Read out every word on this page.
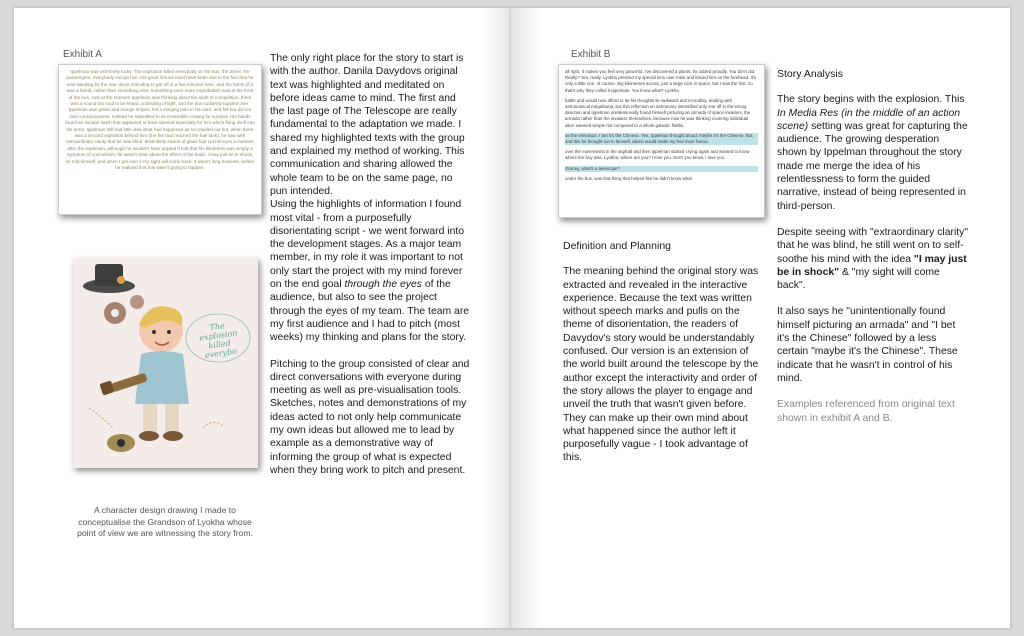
Exhibit A
Ippelman was extremely lucky. The explosion killed everybody on the bus, the driver, the passengers, everybody except him. His good fortune must have been due to the fact that he was standing by the rear doors intending to get off in a few minutes' time, and the bomb (if it was a bomb, rather than something else, something even more improbable) was at the front of the bus. Just at the moment Ippelman was thinking about the spirit of competition, there was a sound too loud to be heard, a blinding of light, and the bus suddenly toppled over. Ippelman saw green and orange stripes, felt a stinging pain in his ears, and fell but did not lose consciousness. Instead he submitted to an irresistible craving for survival. His hands found an escape hatch that appeared to have opened especially for him which flung itself into his arms. Ippelman still had little idea what had happened as he crawled out but, when there was a second explosion behind him (the fire had reached the fuel tank), he saw with extraordinary clarity that he was blind. Most likely slivers of glass had cut his eyes a moment after the explosion, although he wouldn't have argued if told that his blindness was simply a symptom of concussion; he wasn't clear about the effect of the brain. I may just be in shock, he told himself, and when I get over it my sight will come back. It wasn't long however, before he realized that this wasn't going to happen.
The explosion killed everybo
A character design drawing I made to conceptualise the Grandson of Lyokha whose point of view we are witnessing the story from.

The only right place for the story to start is with the author. Danila Davydovs original text was highlighted and meditated on before ideas came to mind. The first and the last page of The Telescope are really fundamental to the adaptation we made. I shared my highlighted texts with the group and explained my method of working. This communication and sharing allowed the whole team to be on the same page, no pun intended.

Using the highlights of information I found most vital - from a purposefully disorientating script - we went forward into the development stages. As a major team member, in my role it was important to not only start the project with my mind forever on the end goal through the eyes of the audience, but also to see the project through the eyes of my team. The team are my first audience and I had to pitch (most weeks) my thinking and plans for the story.

Pitching to the group consisted of clear and direct conversations with everyone during meeting as well as pre-visualisation tools. Sketches, notes and demonstrations of my ideas acted to not only help communicate my own ideas but allowed me to lead by example as a demonstrative way of informing the group of what is expected when they bring work to pitch and present.

Exhibit B

all right. It makes you feel very peaceful. I've discovered a planet, he added proudly. You don't did. Really? Yes, really. Lyokha pressed my special lens over mine and kissed him on the forehead. It's only a little one, of course. Big kilometres across, just a large rock in space, but I was the first, so that's why they called it Ippelman. You know what? Lyokha

battle and would now afford to let his thoughts lie awkward and incredibly, dealing with astronomical megafauna, but this reflection on astronomy intensified only one off in the wrong direction and Ippelman unintentionally found himself picturing an armada of space invaders, the armada rather than the invaders themselves, because now he was thinking covering individual alien seemed simple not compared to a whole galactic flotilla.

on the television. I bet it's the Chinese. Yes, Ippelman thought aloud, maybe it's the Chinese. But, and this he thought out to himself, aliens would make my feel more heroic.

over the movements in the asphalt and then Ippelman started crying again and wanted to know where the boy was. Lyokha, where are you? I love you. Don't you know, I love you.

Granny, what's a telescope?

under the bus, was that thing that helped like he didn't know what

Definition and Planning

The meaning behind the original story was extracted and revealed in the interactive experience. Because the text was written without speech marks and pulls on the theme of disorientation, the readers of Davydov's story would be understandably confused. Our version is an extension of the world built around the telescope by the author except the interactivity and order of the story allows the player to engage and unveil the truth that wasn't given before. They can make up their own mind about what happened since the author left it purposefully vague - I took advantage of this.

Story Analysis

The story begins with the explosion. This In Media Res (in the middle of an action scene) setting was great for capturing the audience. The growing desperation shown by Ippelman throughout the story made me merge the idea of his relentlessness to form the guided narrative, instead of being represented in third-person.

Despite seeing with "extraordinary clarity" that he was blind, he still went on to self-soothe his mind with the idea "I may just be in shock" & "my sight will come back".

It also says he "unintentionally found himself picturing an armada" and "I bet it's the Chinese" followed by a less certain "maybe it's the Chinese". These indicate that he wasn't in control of his mind.

Examples referenced from original text shown in exhibit A and B.
